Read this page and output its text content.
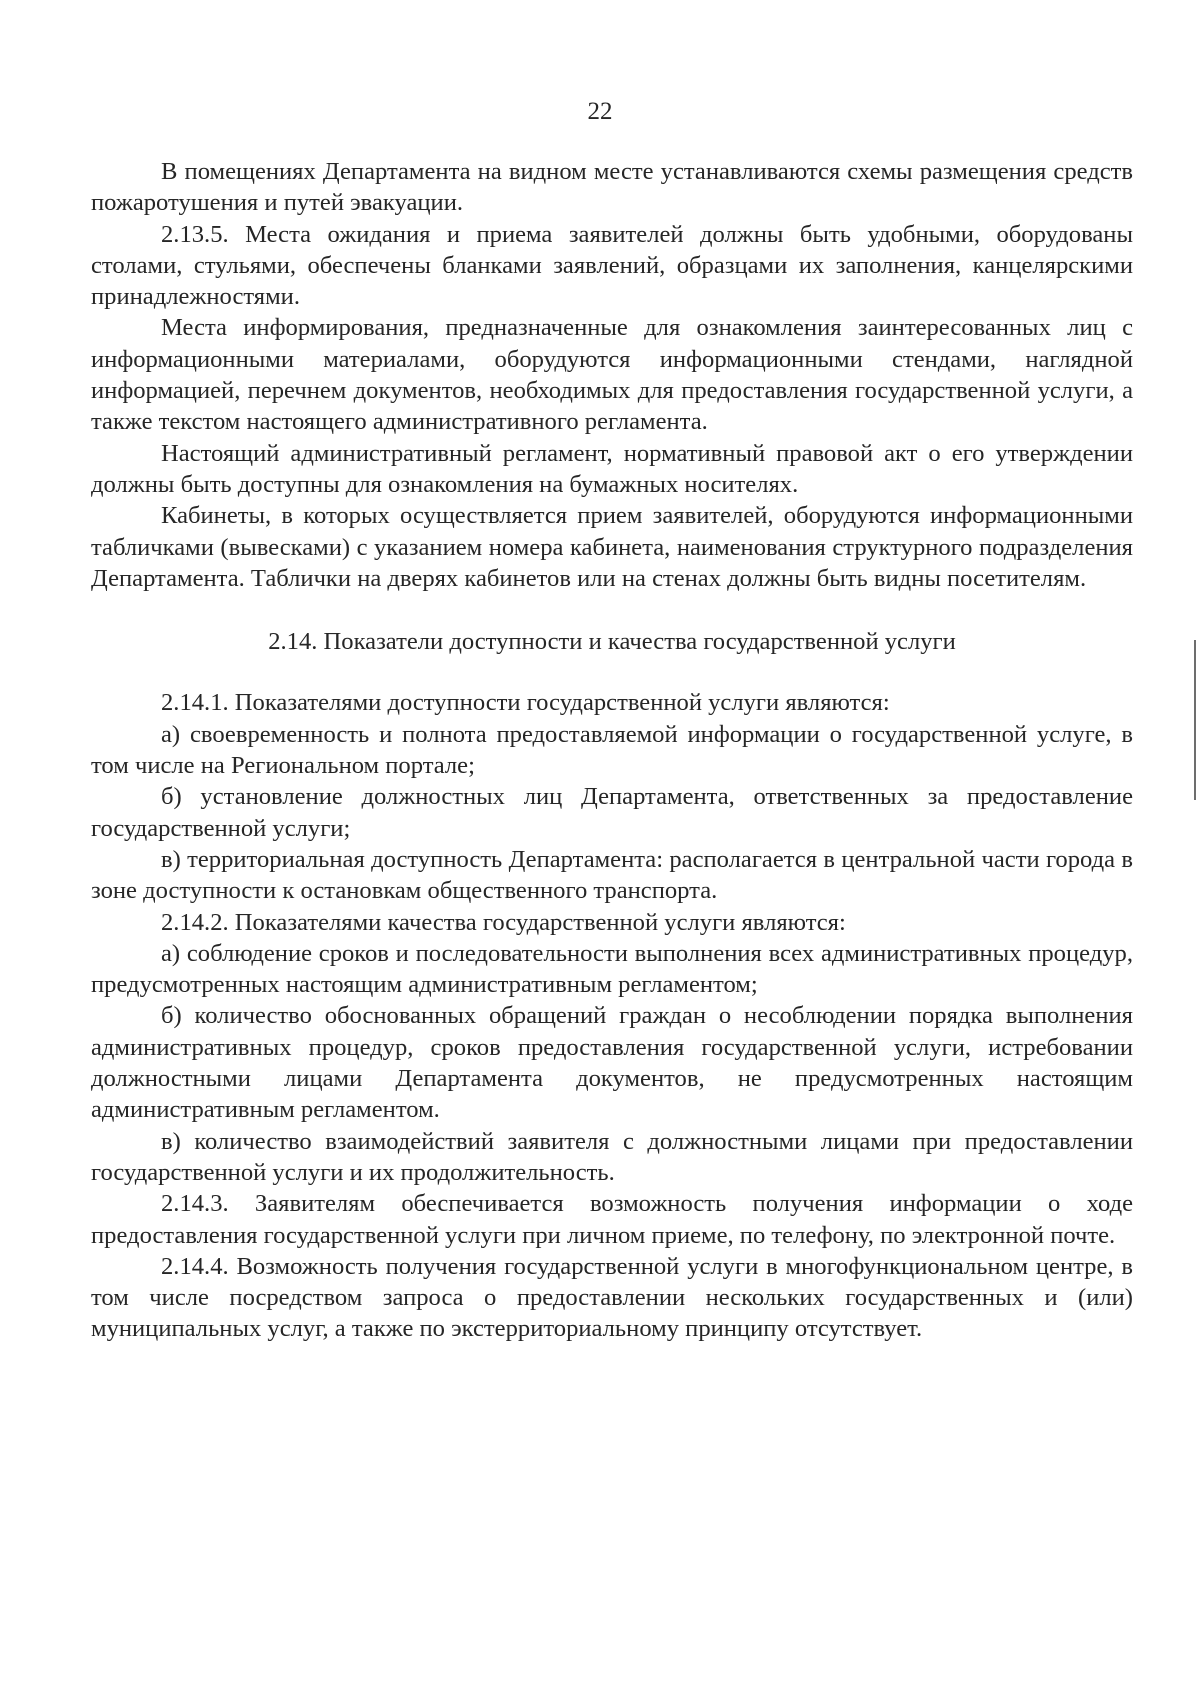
22

В помещениях Департамента на видном месте устанавливаются схемы размещения средств пожаротушения и путей эвакуации.

2.13.5. Места ожидания и приема заявителей должны быть удобными, оборудованы столами, стульями, обеспечены бланками заявлений, образцами их заполнения, канцелярскими принадлежностями.

Места информирования, предназначенные для ознакомления заинтересованных лиц с информационными материалами, оборудуются информационными стендами, наглядной информацией, перечнем документов, необходимых для предоставления государственной услуги, а также текстом настоящего административного регламента.

Настоящий административный регламент, нормативный правовой акт о его утверждении должны быть доступны для ознакомления на бумажных носителях.

Кабинеты, в которых осуществляется прием заявителей, оборудуются информационными табличками (вывесками) с указанием номера кабинета, наименования структурного подразделения Департамента. Таблички на дверях кабинетов или на стенах должны быть видны посетителям.

2.14. Показатели доступности и качества государственной услуги

2.14.1. Показателями доступности государственной услуги являются:

а) своевременность и полнота предоставляемой информации о государственной услуге, в том числе на Региональном портале;

б) установление должностных лиц Департамента, ответственных за предоставление государственной услуги;

в) территориальная доступность Департамента: располагается в центральной части города в зоне доступности к остановкам общественного транспорта.

2.14.2. Показателями качества государственной услуги являются:

а) соблюдение сроков и последовательности выполнения всех административных процедур, предусмотренных настоящим административным регламентом;

б) количество обоснованных обращений граждан о несоблюдении порядка выполнения административных процедур, сроков предоставления государственной услуги, истребовании должностными лицами Департамента документов, не предусмотренных настоящим административным регламентом.

в) количество взаимодействий заявителя с должностными лицами при предоставлении государственной услуги и их продолжительность.

2.14.3. Заявителям обеспечивается возможность получения информации о ходе предоставления государственной услуги при личном приеме, по телефону, по электронной почте.

2.14.4. Возможность получения государственной услуги в многофункциональном центре, в том числе посредством запроса о предоставлении нескольких государственных и (или) муниципальных услуг, а также по экстерриториальному принципу отсутствует.
